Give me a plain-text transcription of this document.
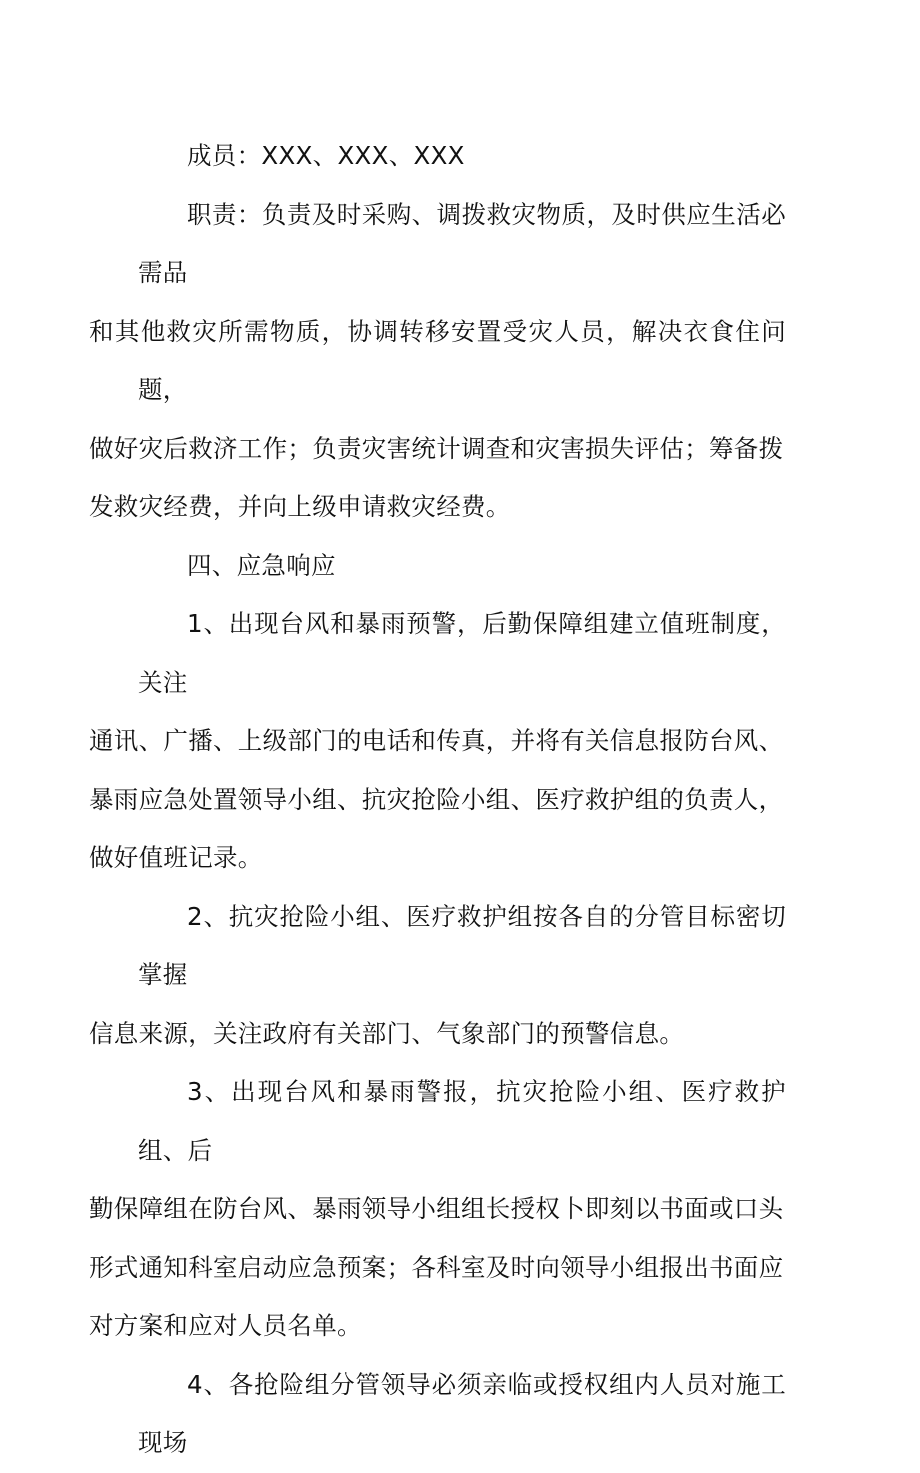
成员：XXX、XXX、XXX

职责：负责及时采购、调拨救灾物质，及时供应生活必需品
和其他救灾所需物质，协调转移安置受灾人员，解决衣食住问题，
做好灾后救济工作；负责灾害统计调查和灾害损失评估；筹备拨
发救灾经费，并向上级申请救灾经费。

四、应急响应

1、出现台风和暴雨预警，后勤保障组建立值班制度，关注
通讯、广播、上级部门的电话和传真，并将有关信息报防台风、
暴雨应急处置领导小组、抗灾抢险小组、医疗救护组的负责人，
做好值班记录。

2、抗灾抢险小组、医疗救护组按各自的分管目标密切掌握
信息来源，关注政府有关部门、气象部门的预警信息。

3、出现台风和暴雨警报，抗灾抢险小组、医疗救护组、后
勤保障组在防台风、暴雨领导小组组长授权卜即刻以书面或口头
形式通知科室启动应急预案；各科室及时向领导小组报出书面应
对方案和应对人员名单。

4、各抢险组分管领导必须亲临或授权组内人员对施工现场
